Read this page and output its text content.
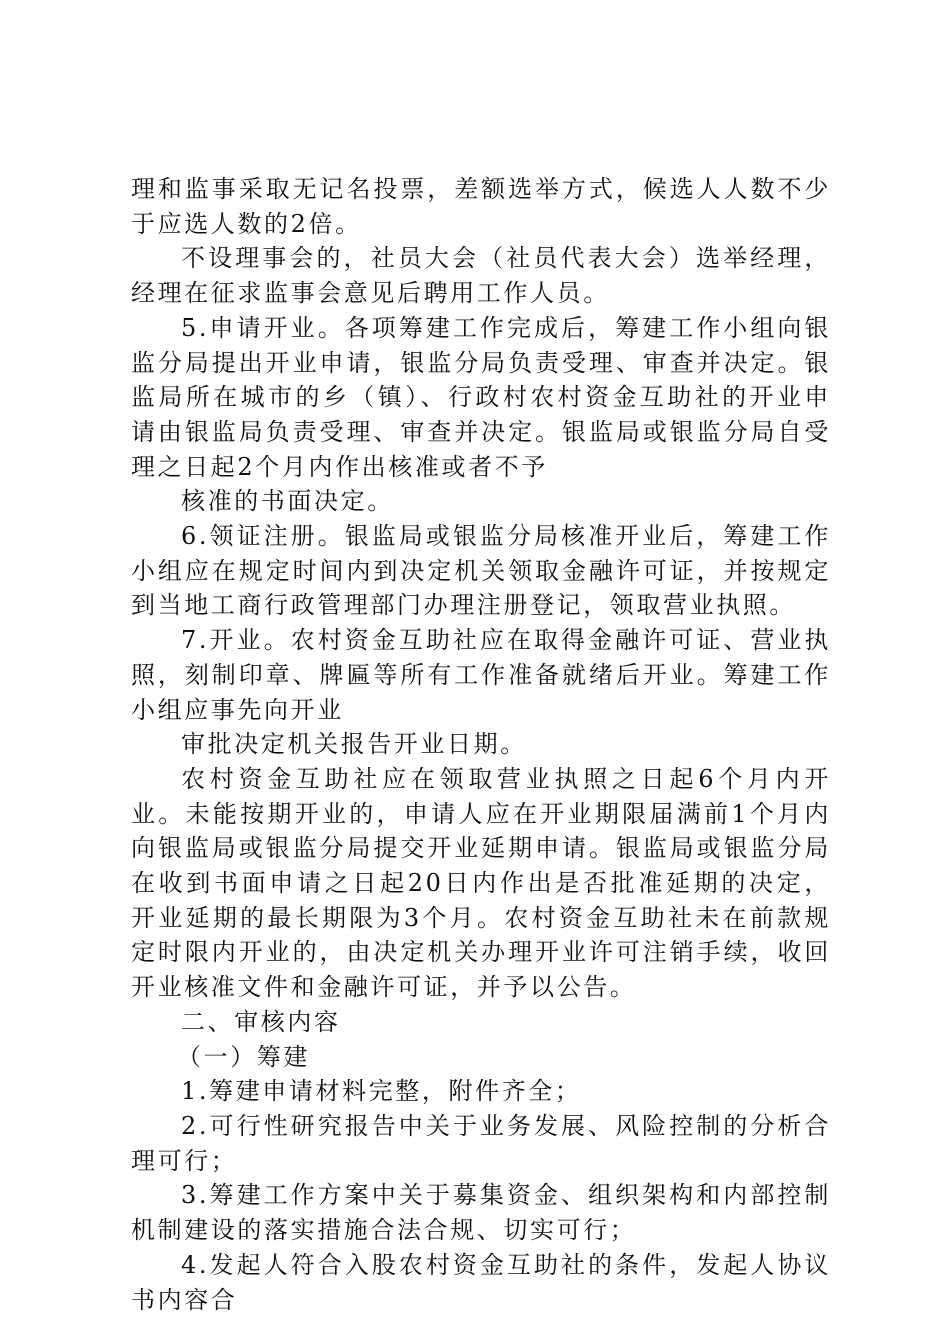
理和监事采取无记名投票，差额选举方式，候选人人数不少于应选人数的2倍。

不设理事会的，社员大会（社员代表大会）选举经理，经理在征求监事会意见后聘用工作人员。

5.申请开业。各项筹建工作完成后，筹建工作小组向银监分局提出开业申请，银监分局负责受理、审查并决定。银监局所在城市的乡（镇）、行政村农村资金互助社的开业申请由银监局负责受理、审查并决定。银监局或银监分局自受理之日起2个月内作出核准或者不予

核准的书面决定。

6.领证注册。银监局或银监分局核准开业后，筹建工作小组应在规定时间内到决定机关领取金融许可证，并按规定到当地工商行政管理部门办理注册登记，领取营业执照。

7.开业。农村资金互助社应在取得金融许可证、营业执照，刻制印章、牌匾等所有工作准备就绪后开业。筹建工作小组应事先向开业

审批决定机关报告开业日期。

农村资金互助社应在领取营业执照之日起6个月内开业。未能按期开业的，申请人应在开业期限届满前1个月内向银监局或银监分局提交开业延期申请。银监局或银监分局在收到书面申请之日起20日内作出是否批准延期的决定，开业延期的最长期限为3个月。农村资金互助社未在前款规定时限内开业的，由决定机关办理开业许可注销手续，收回开业核准文件和金融许可证，并予以公告。

二、审核内容

（一）筹建

1.筹建申请材料完整，附件齐全；

2.可行性研究报告中关于业务发展、风险控制的分析合理可行；

3.筹建工作方案中关于募集资金、组织架构和内部控制机制建设的落实措施合法合规、切实可行；

4.发起人符合入股农村资金互助社的条件，发起人协议书内容合
